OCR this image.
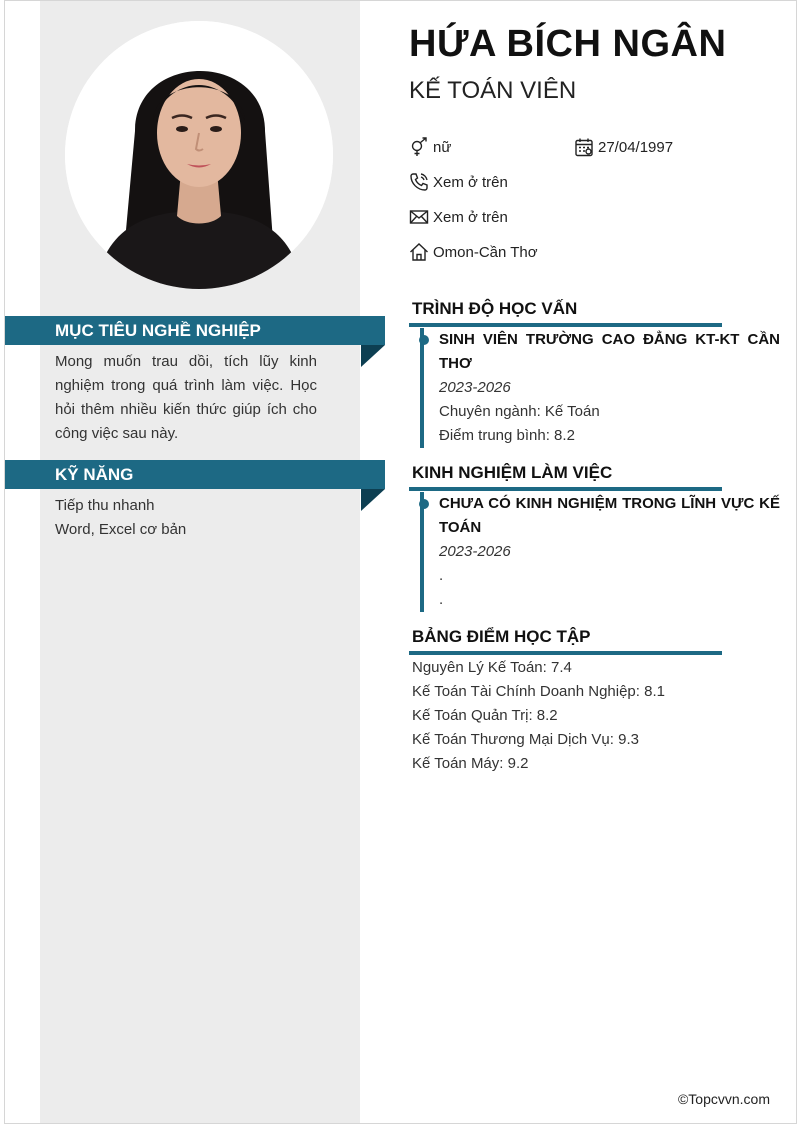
MỤC TIÊU NGHỀ NGHIỆP
Mong muốn trau dồi, tích lũy kinh nghiệm trong quá trình làm việc. Học hỏi thêm nhiều kiến thức giúp ích cho công việc sau này.
KỸ NĂNG
Tiếp thu nhanh
Word, Excel cơ bản
HỨA BÍCH NGÂN
KẾ TOÁN VIÊN
nữ	27/04/1997
Xem ở trên
Xem ở trên
Omon-Cần Thơ
TRÌNH ĐỘ HỌC VẤN
SINH VIÊN TRƯỜNG CAO ĐẲNG KT-KT CẦN THƠ
2023-2026
Chuyên ngành: Kế Toán
Điểm trung bình: 8.2
KINH NGHIỆM LÀM VIỆC
CHƯA CÓ KINH NGHIỆM TRONG LĨNH VỰC KẾ TOÁN
2023-2026
.
.
BẢNG ĐIỂM HỌC TẬP
Nguyên Lý Kế Toán: 7.4
Kế Toán Tài Chính Doanh Nghiệp: 8.1
Kế Toán Quản Trị: 8.2
Kế Toán Thương Mại Dịch Vụ: 9.3
Kế Toán Máy: 9.2
©Topcvvn.com
